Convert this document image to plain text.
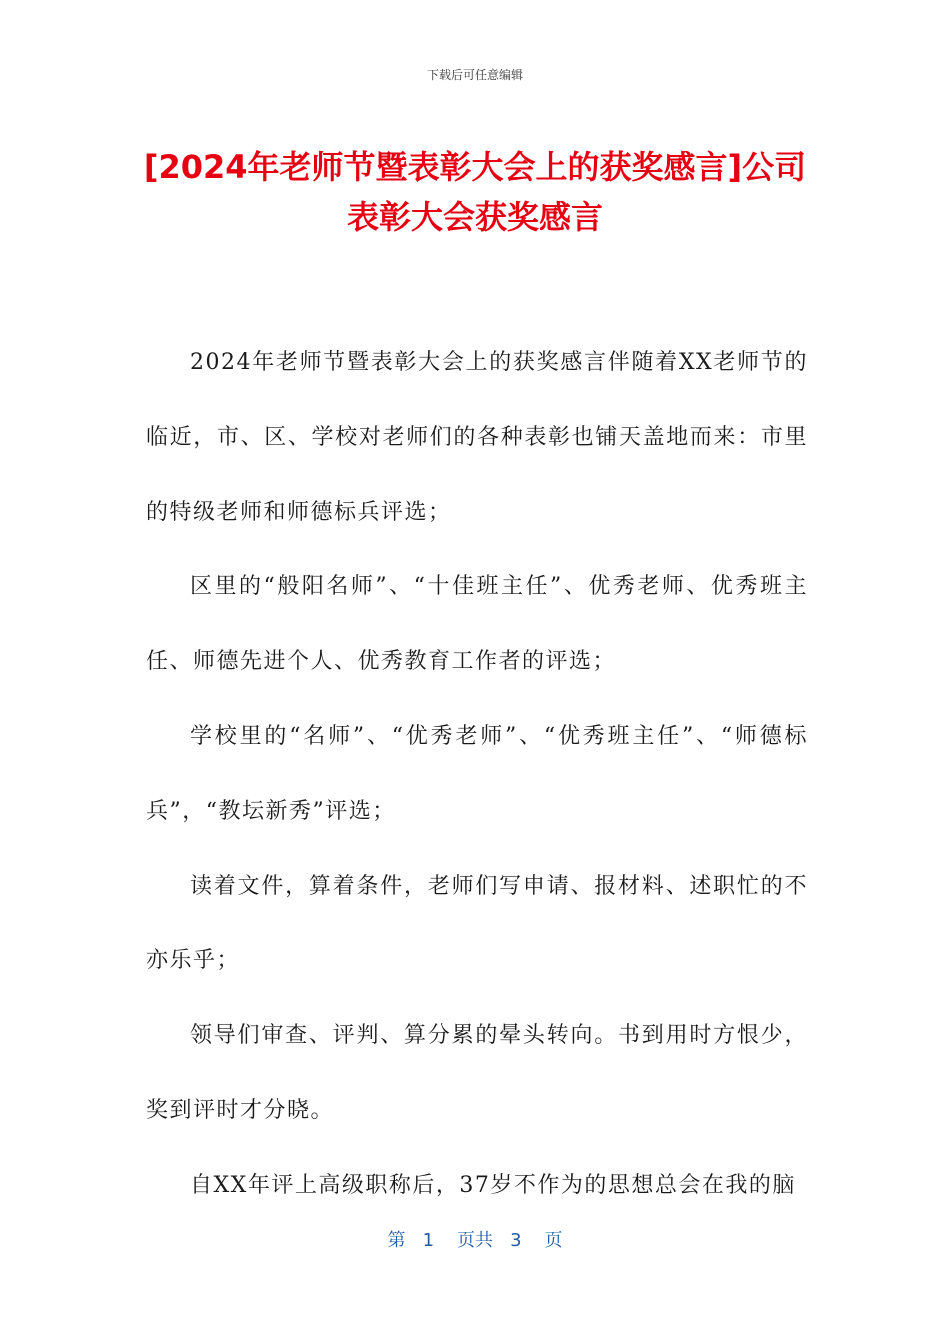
下载后可任意编辑
[2024年老师节暨表彰大会上的获奖感言]公司表彰大会获奖感言

2024年老师节暨表彰大会上的获奖感言伴随着XX老师节的临近，市、区、学校对老师们的各种表彰也铺天盖地而来：市里的特级老师和师德标兵评选；

区里的“般阳名师”、“十佳班主任”、优秀老师、优秀班主任、师德先进个人、优秀教育工作者的评选；

学校里的“名师”、“优秀老师”、“优秀班主任”、“师德标兵”，“教坛新秀”评选；

读着文件，算着条件，老师们写申请、报材料、述职忙的不亦乐乎；

领导们审查、评判、算分累的晕头转向。书到用时方恨少，奖到评时才分晓。

自XX年评上高级职称后，37岁不作为的思想总会在我的脑

第 1 页共 3 页
